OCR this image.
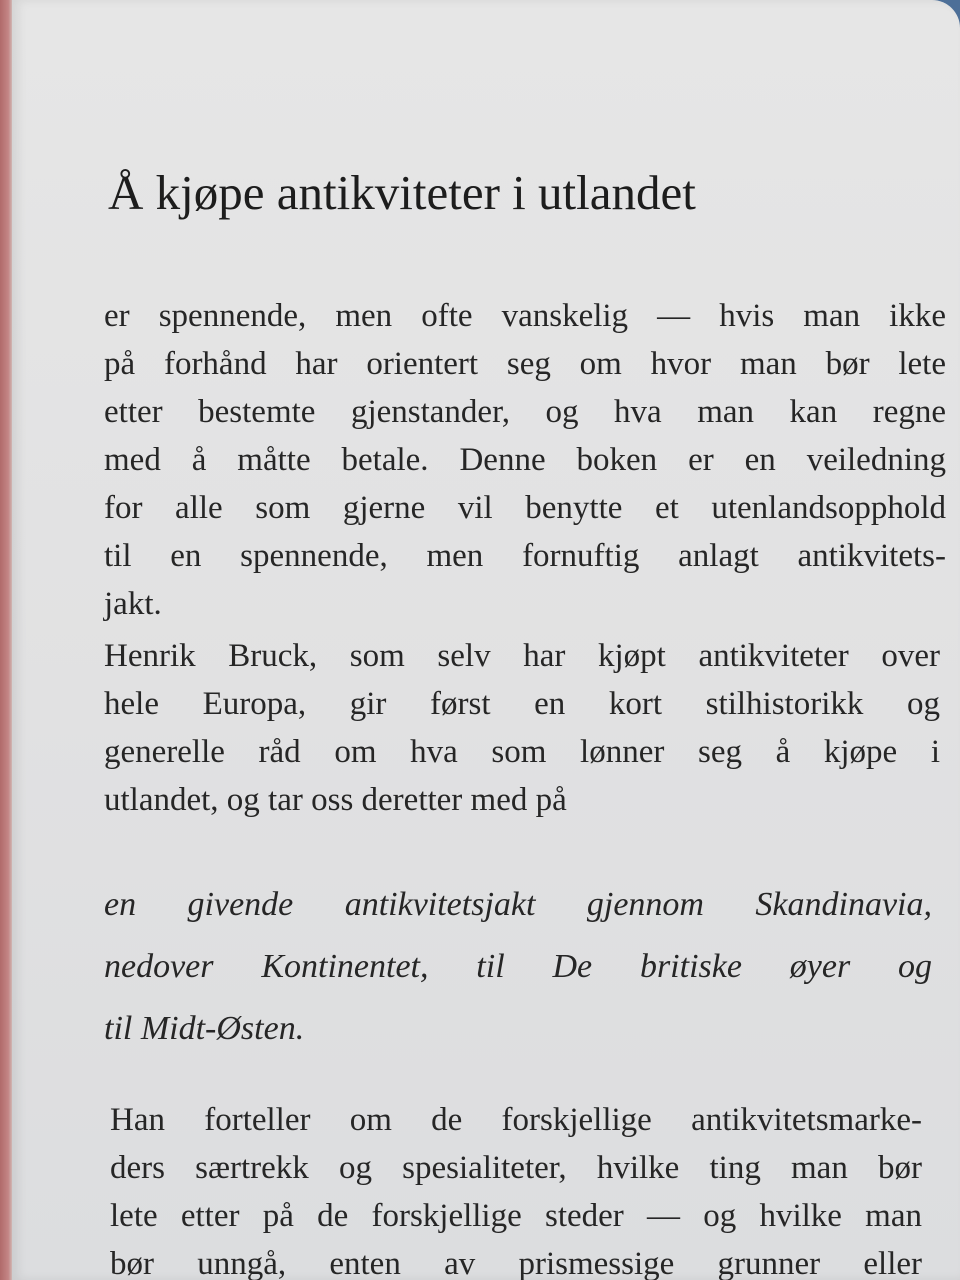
Å kjøpe antikviteter i utlandet

er spennende, men ofte vanskelig — hvis man ikke
på forhånd har orientert seg om hvor man bør lete
etter bestemte gjenstander, og hva man kan regne
med å måtte betale. Denne boken er en veiledning
for alle som gjerne vil benytte et utenlandsopphold
til en spennende, men fornuftig anlagt antikvitets-
jakt.

Henrik Bruck, som selv har kjøpt antikviteter over
hele Europa, gir først en kort stilhistorikk og
generelle råd om hva som lønner seg å kjøpe i
utlandet, og tar oss deretter med på

en givende antikvitetsjakt gjennom Skandinavia,
nedover Kontinentet, til De britiske øyer og
til Midt-Østen.

Han forteller om de forskjellige antikvitetsmarke-
ders særtrekk og spesialiteter, hvilke ting man bør
lete etter på de forskjellige steder — og hvilke man
bør unngå, enten av prismessige grunner eller
